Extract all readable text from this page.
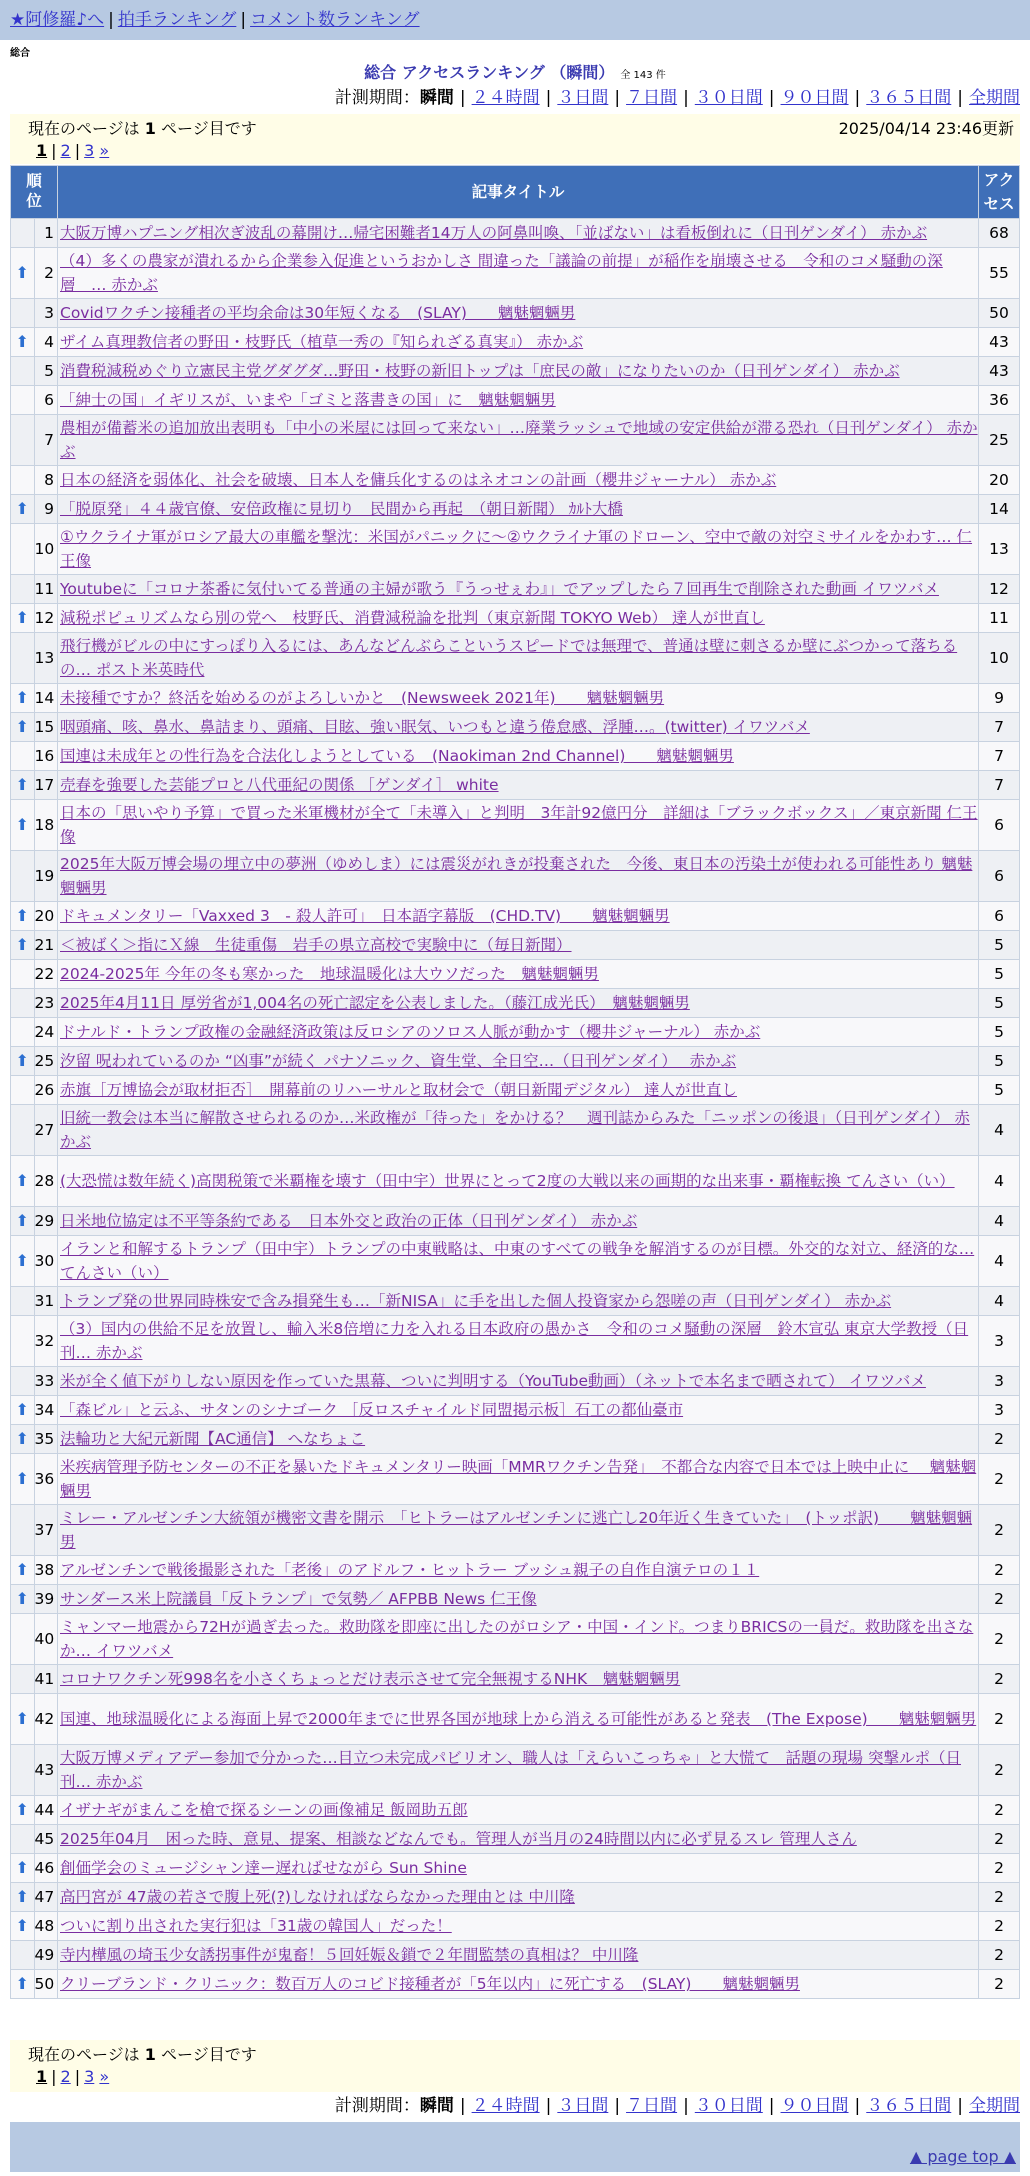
★阿修羅♪へ | 拍手ランキング | コメント数ランキング
総合
総合 アクセスランキング （瞬間） 全 143 件
計測期間：瞬間 | ２４時間 | ３日間 | ７日間 | ３０日間 | ９０日間 | ３６５日間 | 全期間
現在のページは 1 ページ目です	2025/04/14 23:46更新
1 | 2 | 3 »
順位		記事タイトル	アクセス
	1	大阪万博ハプニング相次ぎ波乱の幕開け…帰宅困難者14万人の阿鼻叫喚、「並ばない」は看板倒れに（日刊ゲンダイ） 赤かぶ	68
⬆	2	（4）多くの農家が潰れるから企業参入促進というおかしさ 間違った「議論の前提」が稲作を崩壊させる　令和のコメ騒動の深層　… 赤かぶ	55
	3	Covidワクチン接種者の平均余命は30年短くなる　(SLAY)　　魑魅魍魎男	50
⬆	4	ザイム真理教信者の野田・枝野氏（植草一秀の『知られざる真実』） 赤かぶ	43
	5	消費税減税めぐり立憲民主党グダグダ…野田・枝野の新旧トップは「庶民の敵」になりたいのか（日刊ゲンダイ） 赤かぶ	43
	6	「紳士の国」イギリスが、いまや「ゴミと落書きの国」に　魑魅魍魎男	36
	7	農相が備蓄米の追加放出表明も「中小の米屋には回って来ない」…廃業ラッシュで地域の安定供給が滞る恐れ（日刊ゲンダイ） 赤かぶ	25
	8	日本の経済を弱体化、社会を破壊、日本人を傭兵化するのはネオコンの計画（櫻井ジャーナル） 赤かぶ	20
⬆	9	「脱原発」４４歳官僚、安倍政権に見切り　民間から再起　（朝日新聞） ｶﾙﾄ大橋	14
	10	①ウクライナ軍がロシア最大の車艦を撃沈：米国がパニックに〜②ウクライナ軍のドローン、空中で敵の対空ミサイルをかわす… 仁王像	13
	11	Youtubeに「コロナ茶番に気付いてる普通の主婦が歌う『うっせぇわ』」でアップしたら７回再生で削除された動画 イワツバメ	12
⬆	12	減税ポピュリズムなら別の党へ　枝野氏、消費減税論を批判（東京新聞 TOKYO Web） 達人が世直し	11
	13	飛行機がビルの中にすっぽり入るには、あんなどんぶらこというスピードでは無理で、普通は壁に刺さるか壁にぶつかって落ちるの… ポスト米英時代	10
⬆	14	未接種ですか？終活を始めるのがよろしいかと　(Newsweek 2021年)　　魑魅魍魎男	9
⬆	15	咽頭痛、咳、鼻水、鼻詰まり、頭痛、目眩、強い眠気、いつもと違う倦怠感、浮腫…。(twitter) イワツバメ	7
	16	国連は未成年との性行為を合法化しようとしている　(Naokiman 2nd Channel)　　魑魅魍魎男	7
⬆	17	売春を強要した芸能プロと八代亜紀の関係 ［ゲンダイ］ white	7
⬆	18	日本の「思いやり予算」で買った米軍機材が全て「未導入」と判明　3年計92億円分　詳細は「ブラックボックス」／東京新聞 仁王像	6
	19	2025年大阪万博会場の埋立中の夢洲（ゆめしま）には震災がれきが投棄された　今後、東日本の汚染土が使われる可能性あり 魑魅魍魎男	6
⬆	20	ドキュメンタリー「Vaxxed 3　- 殺人許可」　日本語字幕版　(CHD.TV)　　魑魅魍魎男	6
⬆	21	＜被ばく＞指にＸ線　生徒重傷　岩手の県立高校で実験中に（毎日新聞）	5
	22	2024-2025年 今年の冬も寒かった　地球温暖化は大ウソだった　魑魅魍魎男	5
	23	2025年4月11日 厚労省が1,004名の死亡認定を公表しました。（藤江成光氏）　魑魅魍魎男	5
	24	ドナルド・トランプ政権の金融経済政策は反ロシアのソロス人脈が動かす（櫻井ジャーナル） 赤かぶ	5
⬆	25	汐留 呪われているのか “凶事”が続く パナソニック、資生堂、全日空…（日刊ゲンダイ）　 赤かぶ	5
	26	赤旗［万博協会が取材拒否］　開幕前のリハーサルと取材会で（朝日新聞デジタル） 達人が世直し	5
	27	旧統一教会は本当に解散させられるのか…米政権が「待った」をかける？　週刊誌からみた「ニッポンの後退」（日刊ゲンダイ） 赤かぶ	4
⬆	28	(大恐慌は数年続く)高関税策で米覇権を壊す（田中宇）世界にとって2度の大戦以来の画期的な出来事・覇権転換 てんさい（い）	4
⬆	29	日米地位協定は不平等条約である　日本外交と政治の正体（日刊ゲンダイ） 赤かぶ	4
⬆	30	イランと和解するトランプ（田中宇）トランプの中東戦略は、中東のすべての戦争を解消するのが目標。外交的な対立、経済的な… てんさい（い）	4
	31	トランプ発の世界同時株安で含み損発生も…「新NISA」に手を出した個人投資家から怨嗟の声（日刊ゲンダイ） 赤かぶ	4
	32	（3）国内の供給不足を放置し、輸入米8倍増に力を入れる日本政府の愚かさ　令和のコメ騒動の深層　鈴木宣弘 東京大学教授（日刊… 赤かぶ	3
	33	米が全く値下がりしない原因を作っていた黒幕、ついに判明する（YouTube動画）（ネットで本名まで晒されて） イワツバメ	3
⬆	34	「森ビル」と云ふ、サタンのシナゴーク ［反ロスチャイルド同盟掲示板］石工の都仙臺市	3
⬆	35	法輪功と大紀元新聞【AC通信】 へなちょこ	2
⬆	36	米疾病管理予防センターの不正を暴いたドキュメンタリー映画「MMRワクチン告発」　不都合な内容で日本では上映中止に　 魑魅魍魎男	2
	37	ミレー・アルゼンチン大統領が機密文書を開示　「ヒトラーはアルゼンチンに逃亡し20年近く生きていた」　(トッポ訳)　　魑魅魍魎男	2
⬆	38	アルゼンチンで戦後撮影された「老後」のアドルフ・ヒットラー ブッシュ親子の自作自演テロの１１	2
⬆	39	サンダース米上院議員「反トランプ」で気勢／ AFPBB News 仁王像	2
	40	ミャンマー地震から72Hが過ぎ去った。救助隊を即座に出したのがロシア・中国・インド。つまりBRICSの一員だ。救助隊を出さなか… イワツバメ	2
	41	コロナワクチン死998名を小さくちょっとだけ表示させて完全無視するNHK　魑魅魍魎男	2
⬆	42	国連、地球温暖化による海面上昇で2000年までに世界各国が地球上から消える可能性があると発表　(The Expose)　　魑魅魍魎男	2
	43	大阪万博メディアデー参加で分かった…目立つ未完成パビリオン、職人は「えらいこっちゃ」と大慌て　話題の現場 突撃ルポ（日刊… 赤かぶ	2
⬆	44	イザナギがまんこを槍で探るシーンの画像補足 飯岡助五郎	2
	45	2025年04月　困った時、意見、提案、相談などなんでも。管理人が当月の24時間以内に必ず見るスレ 管理人さん	2
⬆	46	創価学会のミュージシャン達ー遅ればせながら Sun Shine	2
⬆	47	高円宮が 47歳の若さで腹上死(?)しなければならなかった理由とは 中川隆	2
⬆	48	ついに割り出された実行犯は「31歳の韓国人」だった！	2
	49	寺内樺風の埼玉少女誘拐事件が鬼畜！５回妊娠＆鎖で２年間監禁の真相は？ 中川隆	2
⬆	50	クリーブランド・クリニック：数百万人のコビド接種者が「5年以内」に死亡する　(SLAY)　　魑魅魍魎男	2
現在のページは 1 ページ目です
1 | 2 | 3 »
計測期間：瞬間 | ２４時間 | ３日間 | ７日間 | ３０日間 | ９０日間 | ３６５日間 | 全期間
▲ page top ▲
